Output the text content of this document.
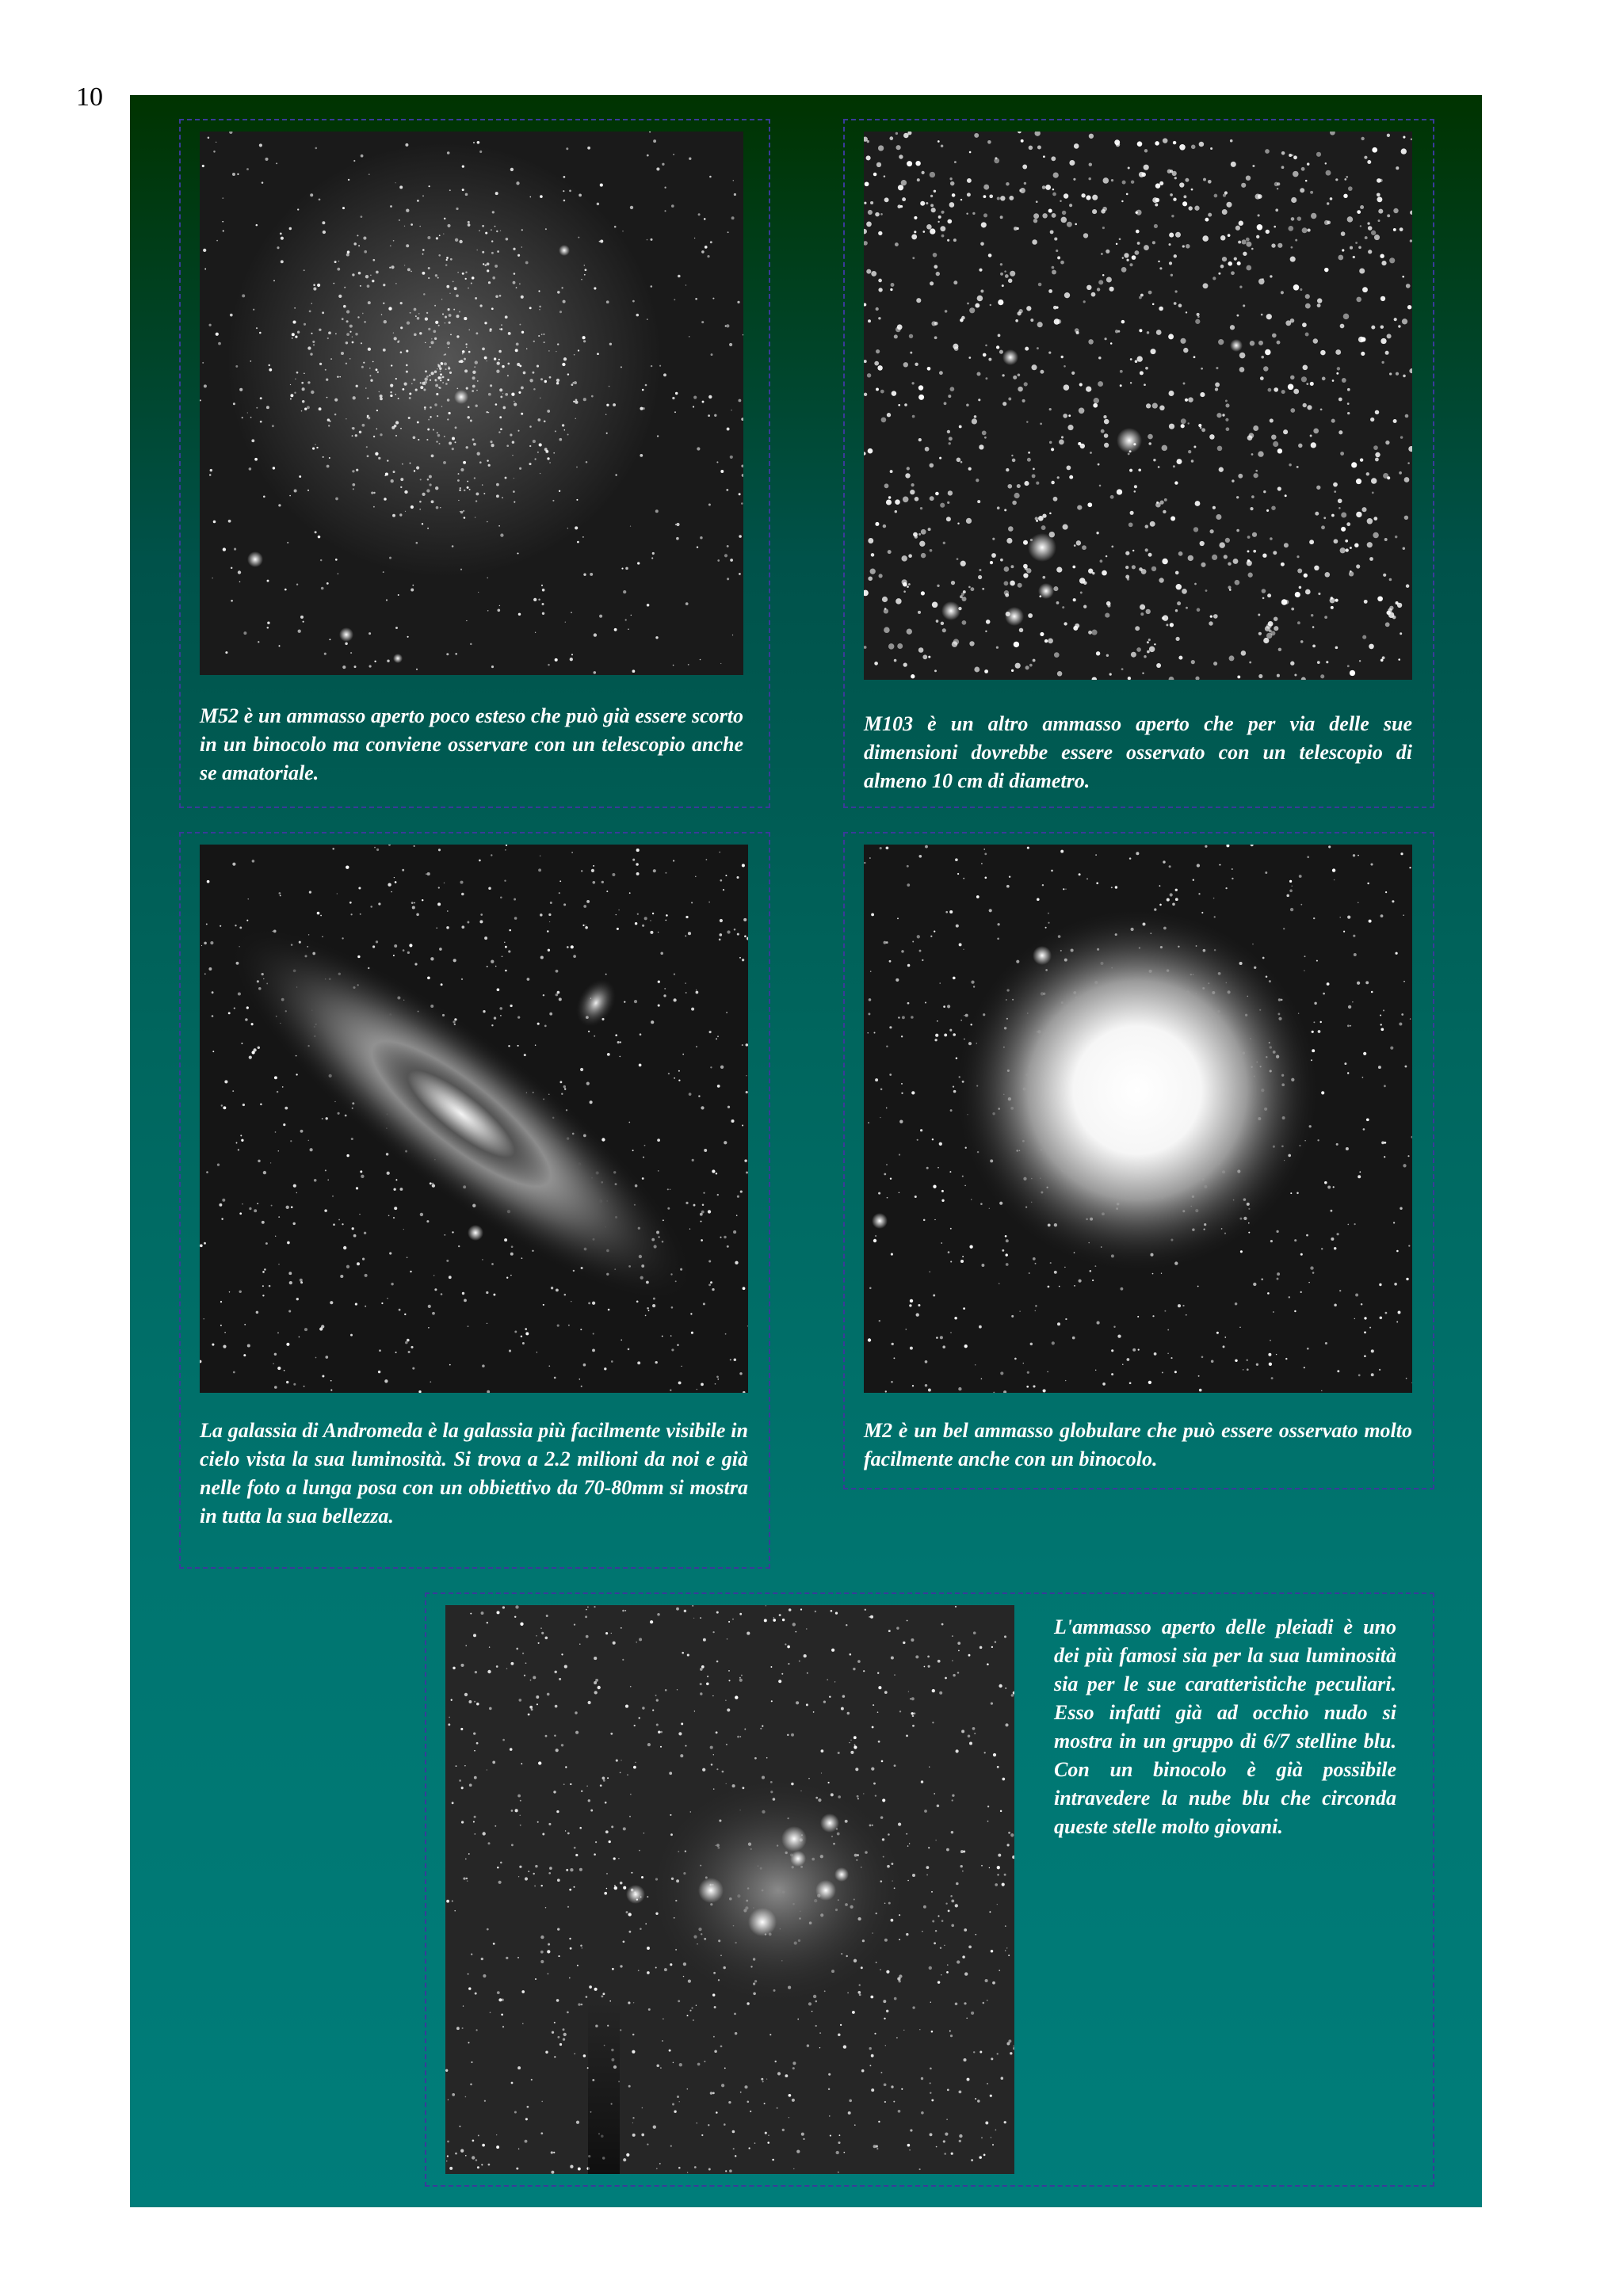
10
M52 è un ammasso aperto poco esteso che può già essere scorto in un binocolo ma conviene osservare con un telescopio anche se amatoriale.
M103 è un altro ammasso aperto che per via delle sue dimensioni dovrebbe essere osservato con un telescopio di almeno 10 cm di diametro.
La galassia di Andromeda è la galassia più facilmente visibile in cielo vista la sua luminosità. Si trova a 2.2 milioni da noi e già nelle foto a lunga posa con un obbiettivo da 70-80mm si mostra in tutta la sua bellezza.
M2 è un bel ammasso globulare che può essere osservato molto facilmente anche con un binocolo.
L'ammasso aperto delle pleiadi è uno dei più famosi sia per la sua luminosità sia per le sue caratteristiche peculiari. Esso infatti già ad occhio nudo si mostra in un gruppo di 6/7 stelline blu. Con un binocolo è già possibile intravedere la nube blu che circonda queste stelle molto giovani.
